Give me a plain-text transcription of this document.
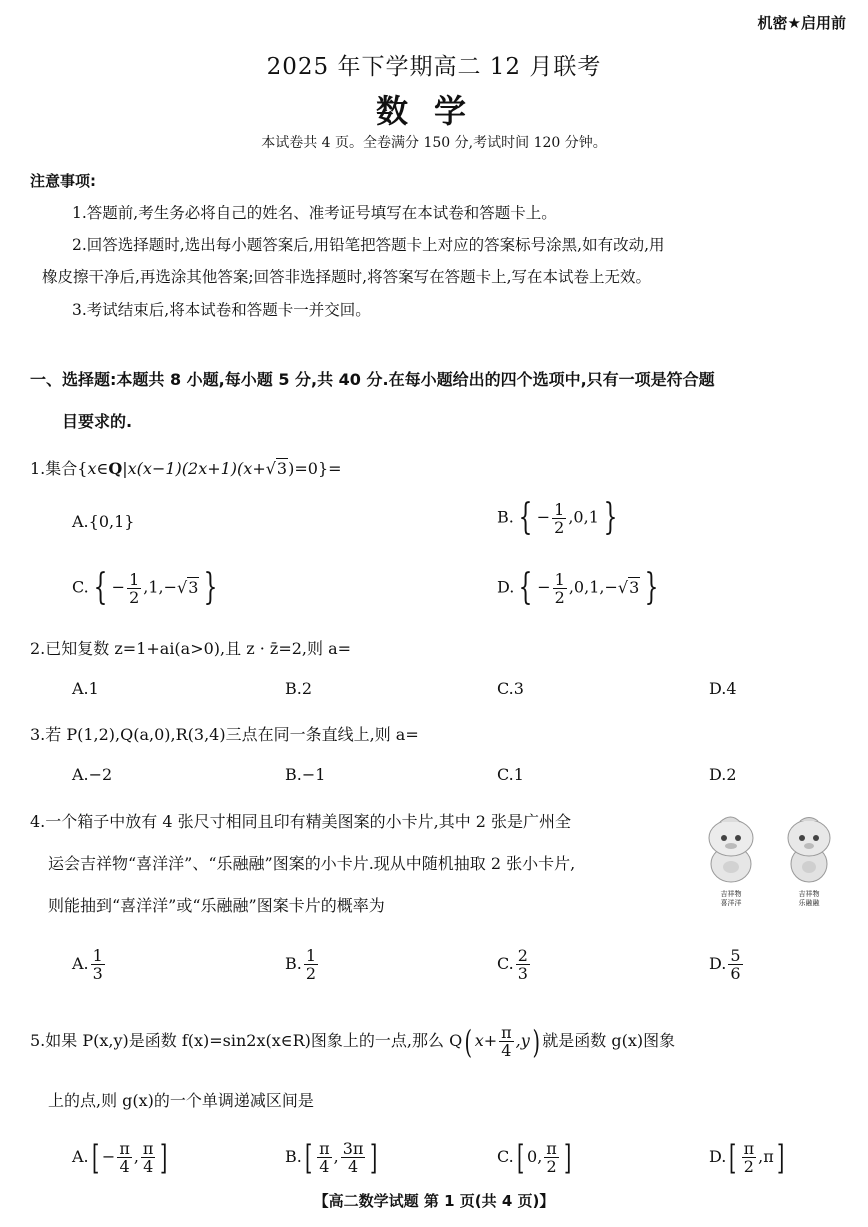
机密★启用前
2025 年下学期高二 12 月联考
数学
本试卷共 4 页。全卷满分 150 分,考试时间 120 分钟。
注意事项:
1.答题前,考生务必将自己的姓名、准考证号填写在本试卷和答题卡上。
2.回答选择题时,选出每小题答案后,用铅笔把答题卡上对应的答案标号涂黑,如有改动,用
橡皮擦干净后,再选涂其他答案;回答非选择题时,将答案写在答题卡上,写在本试卷上无效。
3.考试结束后,将本试卷和答题卡一并交回。
一、选择题:本题共 8 小题,每小题 5 分,共 40 分.在每小题给出的四个选项中,只有一项是符合题
目要求的.
1.集合{x∈Q|x(x−1)(2x+1)(x+√3)=0}=
A.{0,1}	B. { − $\frac{1}{2} ,0,1$ }
C. { − $\frac{1}{2} ,1,-√3$ }	D. { − $\frac{1}{2} ,0,1,-√3$ }
2.已知复数 z=1+ai(a>0),且 z · z̄=2,则 a=
A.1	B.2	C.3	D.4
3.若 P(1,2),Q(a,0),R(3,4)三点在同一条直线上,则 a=
A.−2	B.−1	C.1	D.2
4.一个箱子中放有 4 张尺寸相同且印有精美图案的小卡片,其中 2 张是广州全
运会吉祥物“喜洋洋”、“乐融融”图案的小卡片.现从中随机抽取 2 张小卡片,
则能抽到“喜洋洋”或“乐融融”图案卡片的概率为
吉祥物
喜洋洋
吉祥物
乐融融
A. $\frac{1}{3}$	B. $\frac{1}{2}$	C. $\frac{2}{3}$	D. $\frac{5}{6}$
5.如果 P(x,y)是函数 f(x)=sin2x(x∈R)图象上的一点,那么 Q( $x+ \frac{\pi}{4} ,y$) 就是函数 g(x)图象
上的点,则 g(x)的一个单调递减区间是
$A.[ - \frac{\pi}{4}$ , $\frac{\pi}{4}$ ]	$B.[ \frac{\pi}{4}$ , $\frac{3\pi}{4}$ ]	C.[ 0, $\frac{\pi}{2}$ ]	$D.[ \frac{\pi}{2} ,\pi]$
【高二数学试题 第 1 页(共 4 页)】
